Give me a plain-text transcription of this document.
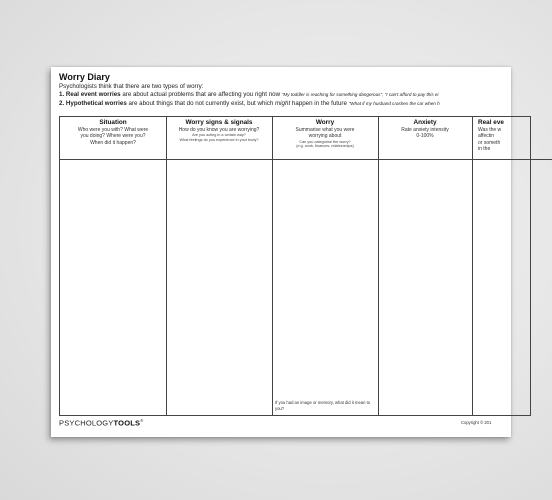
Worry Diary
Psychologists think that there are two types of worry:
1. Real event worries are about actual problems that are affecting you right now "My toddler is reaching for something dangerous", "I can't afford to pay this ei
2. Hypothetical worries are about things that do not currently exist, but which might happen in the future "What if my husband crashes the car when h
Situation
Who were you with? What were
you doing? Where were you?
When did it happen?
Worry signs & signals
How do you know you are worrying?
Are you acting in a certain way?
What feelings do you experience in your body?
Worry
Summarise what you were
worrying about
Can you categorise the worry?
(e.g. work, finances, relationships)
If you had an image or memory, what did it mean to you?
Anxiety
Rate anxiety intensity
0-100%
Real eve
Was the w
affectin
or someth
in the
PSYCHOLOGYTOOLS®	Copyright © 201
